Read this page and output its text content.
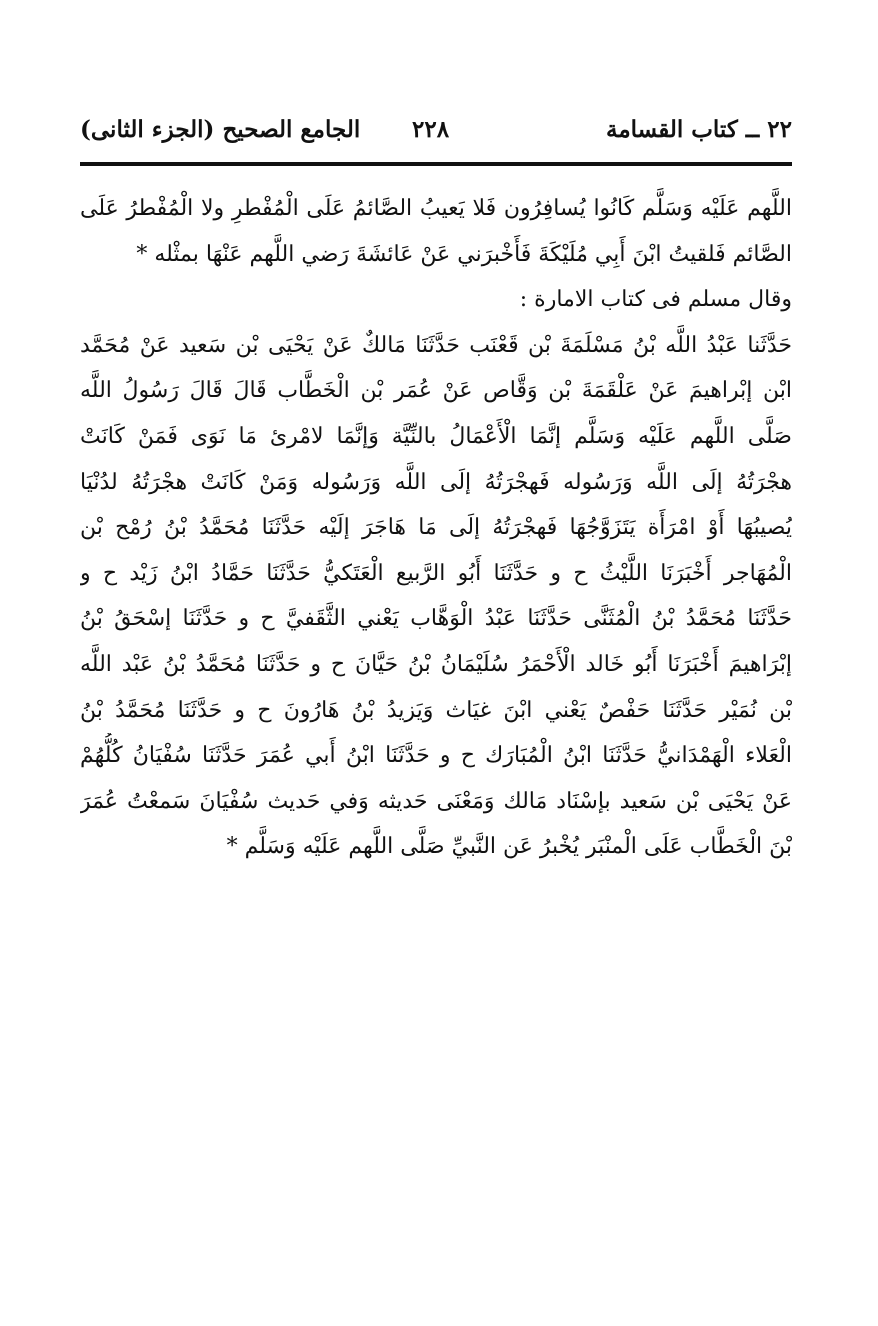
٢٢ ــ كتاب القسامة
٢٢٨
الجامع الصحيح (الجزء الثانى)
اللَّهم عَلَيْه وَسَلَّم كَانُوا يُسافِرُون فَلا يَعيبُ الصَّائمُ عَلَى الْمُفْطرِ ولا الْمُفْطرُ عَلَى
الصَّائم فَلقيتُ ابْنَ أَبِي مُلَيْكَةَ فَأَخْبرَني عَنْ عَائشَةَ رَضي اللَّهم عَنْهَا بمثْله *
وقال مسلم فى كتاب الامارة :
حَدَّثَنا عَبْدُ اللَّه بْنُ مَسْلَمَةَ بْن قَعْنَب حَدَّثَنَا مَالكٌ عَنْ يَحْيَى بْن سَعيد عَنْ مُحَمَّد
ابْن إبْراهيمَ عَنْ عَلْقَمَةَ بْن وَقَّاص عَنْ عُمَر بْن الْخَطَّاب قَالَ قَالَ رَسُولُ اللَّه
صَلَّى اللَّهم عَلَيْه وَسَلَّم إنَّمَا الْأَعْمَالُ بالنِّيَّة وَإنَّمَا لامْرئ مَا نَوَى فَمَنْ كَانَتْ
هجْرَتُهُ إلَى اللَّه وَرَسُوله فَهجْرَتُهُ إلَى اللَّه وَرَسُوله وَمَنْ كَانَتْ هجْرَتُهُ لدُنْيَا
يُصيبُهَا أَوْ امْرَأَة يَتَزَوَّجُهَا فَهجْرَتُهُ إلَى مَا هَاجَرَ إلَيْه حَدَّثَنَا مُحَمَّدُ بْنُ رُمْح بْن
الْمُهَاجر أَخْبَرَنَا اللَّيْثُ ح و حَدَّثَنَا أَبُو الرَّبيع الْعَتَكيُّ حَدَّثَنَا حَمَّادُ ابْنُ زَيْد ح و
حَدَّثَنَا مُحَمَّدُ بْنُ الْمُثَنَّى حَدَّثَنَا عَبْدُ الْوَهَّاب يَعْني الثَّقَفيَّ ح و حَدَّثَنَا إسْحَقُ بْنُ
إبْرَاهيمَ أَخْبَرَنَا أَبُو خَالد الْأَحْمَرُ سُلَيْمَانُ بْنُ حَيَّانَ ح و حَدَّثَنَا مُحَمَّدُ بْنُ عَبْد اللَّه
بْن نُمَيْر حَدَّثَنَا حَفْصٌ يَعْني ابْنَ غيَاث وَيَزيدُ بْنُ هَارُونَ ح و حَدَّثَنَا مُحَمَّدُ بْنُ
الْعَلاء الْهَمْدَانيُّ حَدَّثَنَا ابْنُ الْمُبَارَك ح و حَدَّثَنَا ابْنُ أَبي عُمَرَ حَدَّثَنَا سُفْيَانُ كُلُّهُمْ
عَنْ يَحْيَى بْن سَعيد بإسْنَاد مَالك وَمَعْنَى حَديثه وَفي حَديث سُفْيَانَ سَمعْتُ عُمَرَ
بْنَ الْخَطَّاب عَلَى الْمنْبَر يُخْبرُ عَن النَّبيِّ صَلَّى اللَّهم عَلَيْه وَسَلَّم *
